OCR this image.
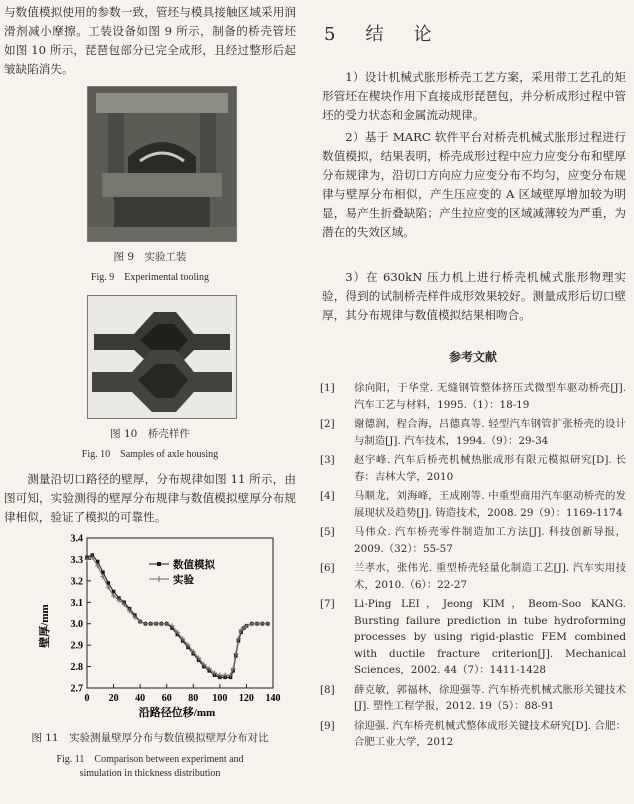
与数值模拟使用的参数一致，管坯与模具接触区域采用润滑剂减小摩擦。工装设备如图 9 所示，制备的桥壳管坯如图 10 所示，琵琶包部分已完全成形，且经过整形后起皱缺陷消失。

图 9　实验工装

Fig. 9　Experimental tooling

图 10　桥壳样件

Fig. 10　Samples of axle housing

测量沿切口路径的壁厚，分布规律如图 11 所示，由图可知，实验测得的壁厚分布规律与数值模拟壁厚分布规律相似，验证了模拟的可靠性。

0 20 40 60 80 100 120 140
2.7
2.8
2.9
3.0
3.1
3.2
3.3
3.4
数值模拟
实验
壁厚/mm
沿路径位移/mm

图 11　实验测量壁厚分布与数值模拟壁厚分布对比

Fig. 11　Comparison between experiment and

simulation in thickness distribution

5　结　论

1）设计机械式胀形桥壳工艺方案，采用带工艺孔的矩形管坯在楔块作用下直接成形琵琶包，并分析成形过程中管坯的受力状态和金属流动规律。

2）基于 MARC 软件平台对桥壳机械式胀形过程进行数值模拟，结果表明，桥壳成形过程中应力应变分布和壁厚分布规律为，沿切口方向应力应变分布不均匀，应变分布规律与壁厚分布相似，产生压应变的 A 区域壁厚增加较为明显，易产生折叠缺陷；产生拉应变的区域减薄较为严重，为潜在的失效区域。

3）在 630kN 压力机上进行桥壳机械式胀形物理实验，得到的试制桥壳样件成形效果较好。测量成形后切口壁厚，其分布规律与数值模拟结果相吻合。

参考文献

[1] 徐向阳，于华堂. 无缝钢管整体挤压式微型车驱动桥壳[J]. 汽车工艺与材料，1995.（1）：18-19
[2] 谢德润，程合海，吕德真等. 轻型汽车钢管扩张桥壳的设计与制造[J]. 汽车技术，1994.（9）：29-34
[3] 赵宇峰. 汽车后桥壳机械热胀成形有限元模拟研究[D]. 长春：吉林大学，2010
[4] 马顺龙，刘海峰，王成刚等. 中重型商用汽车驱动桥壳的发展现状及趋势[J]. 铸造技术，2008. 29（9）：1169-1174
[5] 马伟众. 汽车桥壳零件制造加工方法[J]. 科技创新导报，2009.（32）：55-57
[6] 兰孝水，张伟光. 重型桥壳轻量化制造工艺[J]. 汽车实用技术，2010.（6）：22-27
[7] Li-Ping LEI，Jeong KIM，Beom-Soo KANG. Bursting failure prediction in tube hydroforming processes by using rigid-plastic FEM combined with ductile fracture criterion[J]. Mechanical Sciences，2002. 44（7）：1411-1428
[8] 薛克敏，郭福林，徐迎强等. 汽车桥壳机械式胀形关键技术[J]. 塑性工程学报，2012. 19（5）：88-91
[9] 徐迎强. 汽车桥壳机械式整体成形关键技术研究[D]. 合肥：合肥工业大学，2012
